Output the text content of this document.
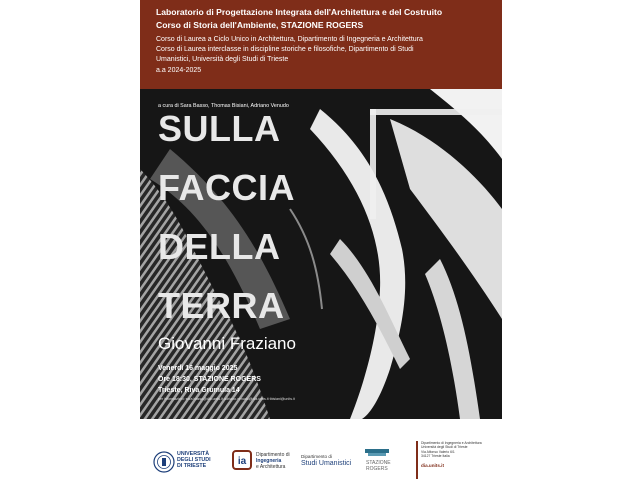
Laboratorio di Progettazione Integrata dell'Architettura e del Costruito
Corso di Storia dell'Ambiente, STAZIONE ROGERS
Corso di Laurea a Ciclo Unico in Architettura, Dipartimento di Ingegneria e Architettura
Corso di Laurea interclasse in discipline storiche e filosofiche, Dipartimento di Studi
Umanistici, Università degli Studi di Trieste
a.a 2024-2025
a cura di Sara Basso, Thomas Bisiani, Adriano Venudo
SULLA
FACCIA
DELLA
TERRA
Giovanni Fraziano
Venerdì 16 maggio 2025
Ore 18:30, STAZIONE ROGERS
Trieste, Riva Grumula 14
per informazioni: sara.basso@dia.units.it adriano.venudo@dia.units.it tbisiani@units.it
UNIVERSITÀ
DEGLI STUDI
DI TRIESTE	ia
Dipartimento di
Ingegneria
e Architettura
Dipartimento di
Studi Umanistici	STAZIONE
ROGERS
Dipartimento di Ingegneria e Architettura
Università degli Studi di Trieste
Via Alfonso Valerio 6/1
34127 Trieste Italia
dia.units.it
